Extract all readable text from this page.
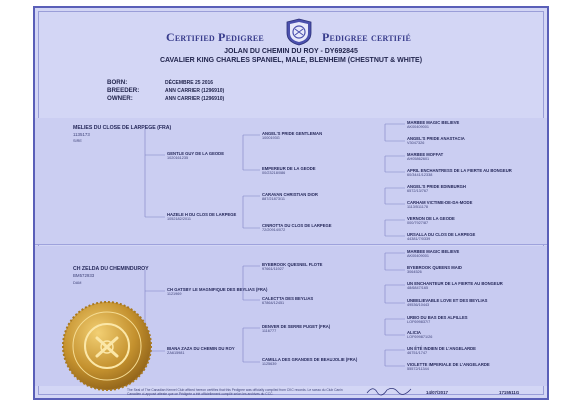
Certified Pedigree	Pedigree certifié
JOLAN DU CHEMIN DU ROY - DY692845
CAVALIER KING CHARLES SPANIEL, MALE, BLENHEIM (CHESTNUT & WHITE)
BORN:	DÉCEMBRE 25 2016
BREEDER:	ANN CARRIER (1296910)
OWNER:	ANN CARRIER (1296910)
MELIES DU CLOSE DE LARPEGE (FRA)
1135173
SIRE
GENTLE GUY DE LA GEODE
1020161235
HAZELE H DU CLOS DE LARPEGE
1052182/2011
ANGEL'S PRIDE GENTLEMAN
1000193G
EMPEREUR DE LA GEODE
00/23218/086
CARAVAN CHRISTIAN DIOR
887/21873/11
CINROTTA DU CLOS DE LARPEGE
72/20914/072
MARBEE MAGIC BELIEVE
AK00409001
ANGEL'S PRIDE ANASTACIA
V3047326
MARBEE MOFFAT
AH05862601
APRIL ENCHANTRESS DE LA FIERTE AU BONGEUR
60/3441/12338
ANGEL'S PRIDE EDINBURGH
6572/13/767
CARHAM VICTIME-DE-DA-MODE
1113/511178
VERNON DE LA GEODE
000/7927/87
URSALLA DU CLOS DE LARPEGE
44381/7/0339
CH ZELDA DU CHEMINDUROY
BM572933
DAM
CH GATSBY LE MAGNIFIQUE DES BEYLIAS (FRA)
1121969
BIANA ZAZA DU CHEMIN DU ROY
ZA615981
BYEBROOK QUESNEL FLOTE
97661/11927
CALECTTA DES BEYLIAS
67864/12451
DENVER DE SERRE PUGET (FRA)
1116777
CAMILLA DES GRANDES DE BEAUJOLIE (FRA)
1125639
MARBEE MAGIC BELIEVE
AK00409001
BYEBROOK QUEENS MAID
3064526
UN ENCHANTEUR DE LA FIERTE AU BONGEUR
48/6847/165
UNBELIEVABLE LOVE ET DES BEYLIAS
49536/10443
URBO DU BAS DES ALPILLES
LOF699837/7
ALICIA
LOF699871/26
UN ÉTÉ INDIEN DE L'ANGELARDE
46751/1747
VIOLETTE IMPERIALE DE L'ANGELARDE
55572/11344
The Seal of The Canadian Kennel Club affixed hereon certifies that this Pedigree was officially compiled from CKC records. Le sceau du Club Canin Canadien ci-apposé atteste que ce Pédigrée a été officiellement compilé selon les archives du CCC.	14/07/2017	1715511G
